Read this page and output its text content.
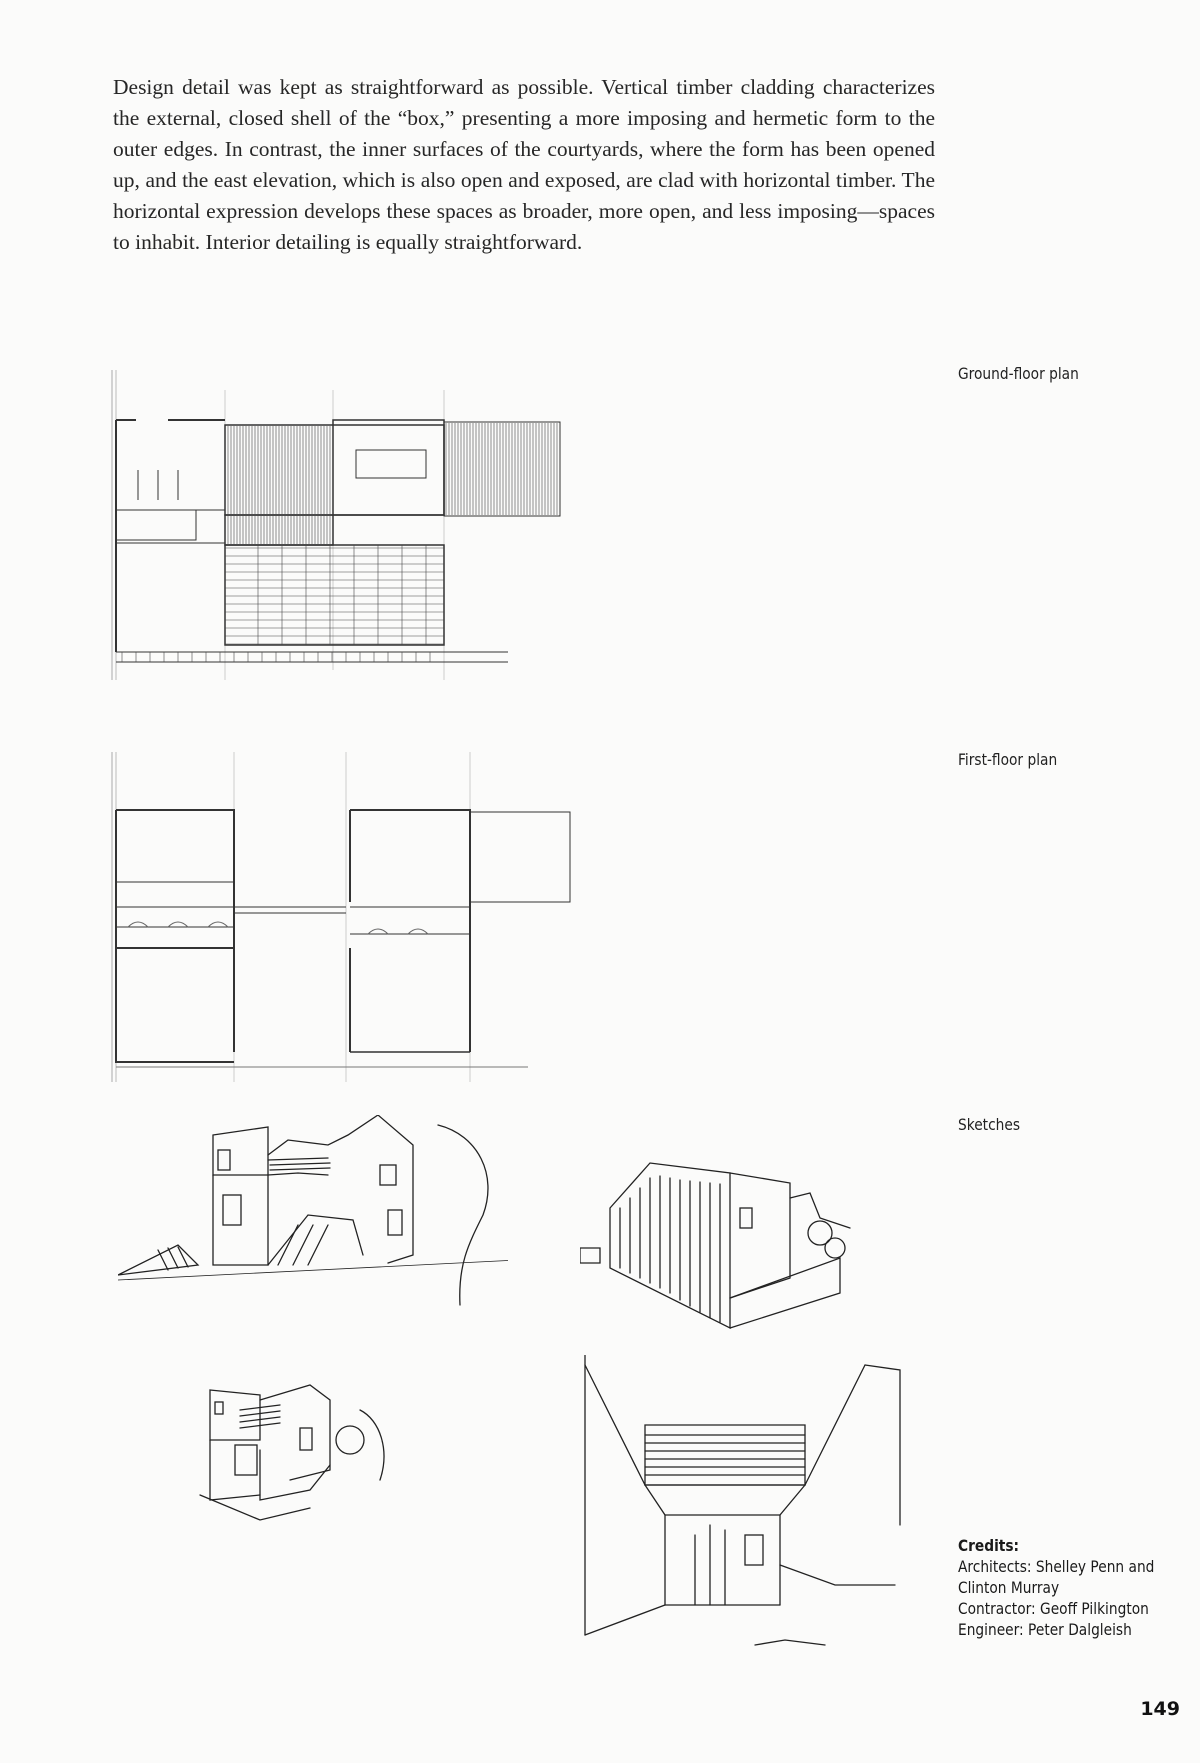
Design detail was kept as straightforward as possible. Vertical timber cladding characterizes the external, closed shell of the “box,” presenting a more imposing and hermetic form to the outer edges. In contrast, the inner surfaces of the courtyards, where the form has been opened up, and the east elevation, which is also open and exposed, are clad with horizontal timber. The horizontal expression develops these spaces as broader, more open, and less imposing—spaces to inhabit. Interior detailing is equally straightforward.

Ground-floor plan
First-floor plan
Sketches
Credits:
Architects: Shelley Penn and
Clinton Murray
Contractor: Geoff Pilkington
Engineer: Peter Dalgleish
149
